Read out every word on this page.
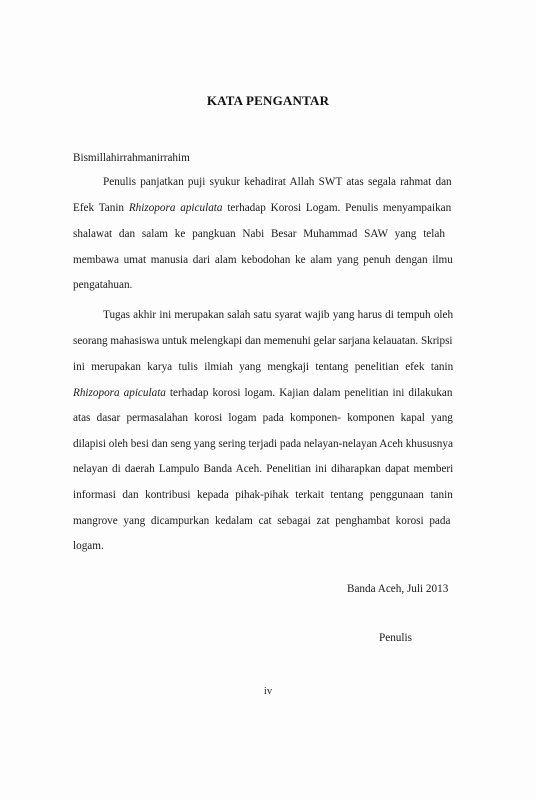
KATA PENGANTAR
Bismillahirrahmanirrahim
Penulis panjatkan puji syukur kehadirat Allah SWT atas segala rahmat dan
Efek Tanin Rhizopora apiculata terhadap Korosi Logam. Penulis menyampaikan
shalawat dan salam ke pangkuan Nabi Besar Muhammad SAW yang telah
membawa umat manusia dari alam kebodohan ke alam yang penuh dengan ilmu
pengatahuan.
Tugas akhir ini merupakan salah satu syarat wajib yang harus di tempuh oleh
seorang mahasiswa untuk melengkapi dan memenuhi gelar sarjana kelauatan. Skripsi
ini merupakan karya tulis ilmiah yang mengkaji tentang penelitian efek tanin
Rhizopora apiculata terhadap korosi logam. Kajian dalam penelitian ini dilakukan
atas dasar permasalahan korosi logam pada komponen- komponen kapal yang
dilapisi oleh besi dan seng yang sering terjadi pada nelayan-nelayan Aceh khususnya
nelayan di daerah Lampulo Banda Aceh. Penelitian ini diharapkan dapat memberi
informasi dan kontribusi kepada pihak-pihak terkait tentang penggunaan tanin
mangrove yang dicampurkan kedalam cat sebagai zat penghambat korosi pada
logam.
Banda Aceh, Juli 2013
Penulis
iv
